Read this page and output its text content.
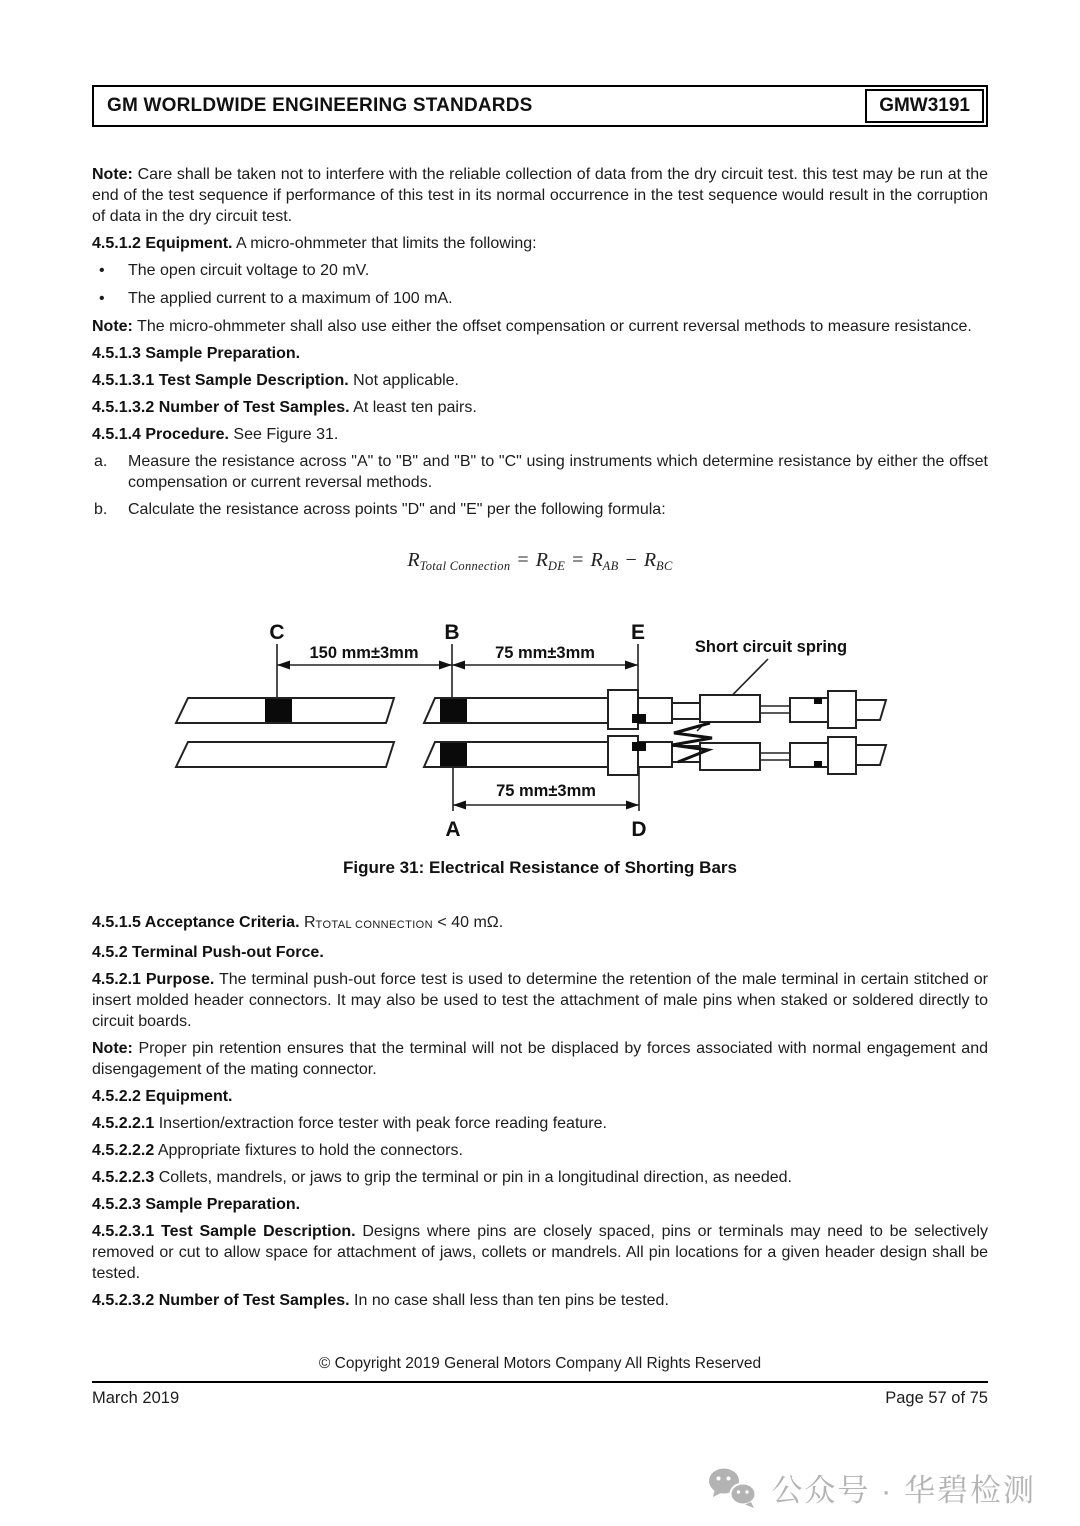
GM WORLDWIDE ENGINEERING STANDARDS	GMW3191

Note: Care shall be taken not to interfere with the reliable collection of data from the dry circuit test. this test may be run at the end of the test sequence if performance of this test in its normal occurrence in the test sequence would result in the corruption of data in the dry circuit test.

4.5.1.2 Equipment. A micro-ohmmeter that limits the following:

• The open circuit voltage to 20 mV.
• The applied current to a maximum of 100 mA.

Note: The micro-ohmmeter shall also use either the offset compensation or current reversal methods to measure resistance.

4.5.1.3 Sample Preparation.

4.5.1.3.1 Test Sample Description. Not applicable.

4.5.1.3.2 Number of Test Samples. At least ten pairs.

4.5.1.4 Procedure. See Figure 31.

a. Measure the resistance across "A" to "B" and "B" to "C" using instruments which determine resistance by either the offset compensation or current reversal methods.
b. Calculate the resistance across points "D" and "E" per the following formula:
$R_{Total Connection} = R_{DE} = R_{AB} - R_{BC}$
C	B	E
150 mm±3mm	75 mm±3mm	Short circuit spring
75 mm±3mm
A	D
Figure 31: Electrical Resistance of Shorting Bars

4.5.1.5 Acceptance Criteria. RTOTAL CONNECTION < 40 mΩ.

4.5.2 Terminal Push-out Force.

4.5.2.1 Purpose. The terminal push-out force test is used to determine the retention of the male terminal in certain stitched or insert molded header connectors. It may also be used to test the attachment of male pins when staked or soldered directly to circuit boards.

Note: Proper pin retention ensures that the terminal will not be displaced by forces associated with normal engagement and disengagement of the mating connector.

4.5.2.2 Equipment.

4.5.2.2.1 Insertion/extraction force tester with peak force reading feature.

4.5.2.2.2 Appropriate fixtures to hold the connectors.

4.5.2.2.3 Collets, mandrels, or jaws to grip the terminal or pin in a longitudinal direction, as needed.

4.5.2.3 Sample Preparation.

4.5.2.3.1 Test Sample Description. Designs where pins are closely spaced, pins or terminals may need to be selectively removed or cut to allow space for attachment of jaws, collets or mandrels. All pin locations for a given header design shall be tested.

4.5.2.3.2 Number of Test Samples. In no case shall less than ten pins be tested.

© Copyright 2019 General Motors Company All Rights Reserved
March 2019	Page 57 of 75
公众号 · 华碧检测
